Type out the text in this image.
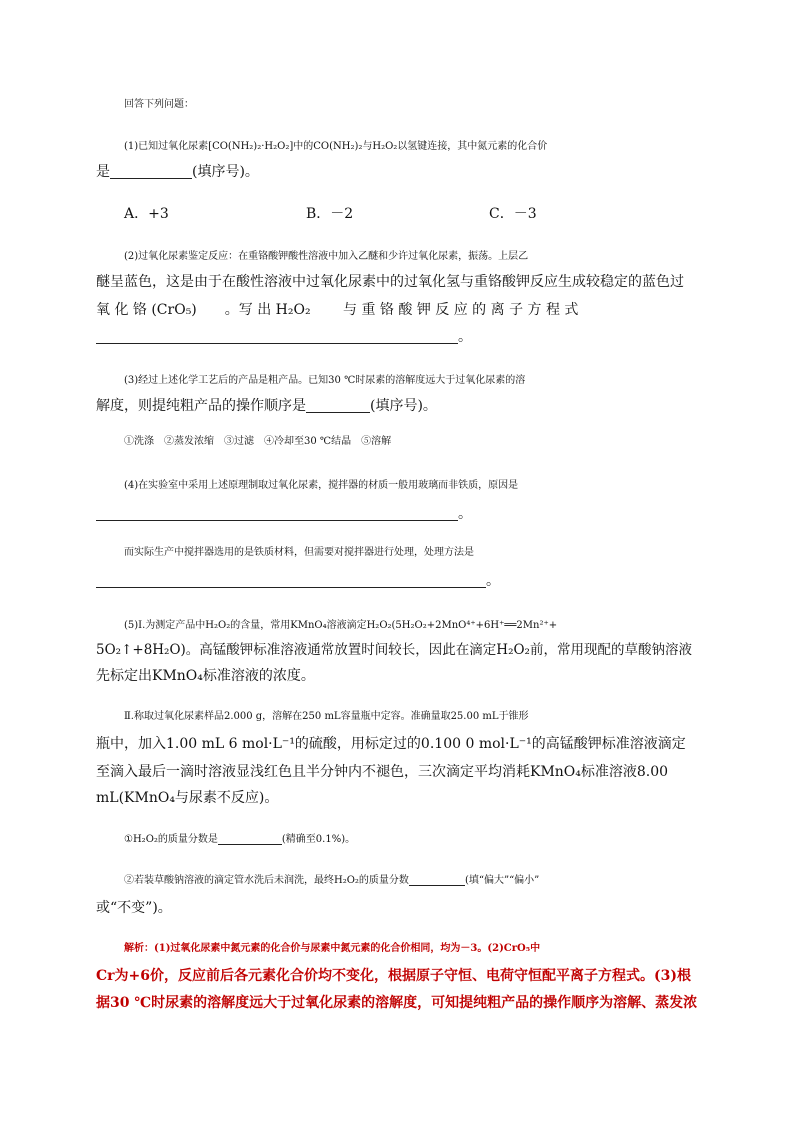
回答下列问题：
(1)已知过氧化尿素[CO(NH₂)₂·H₂O₂]中的CO(NH₂)₂与H₂O₂以氢键连接，其中氮元素的化合价
是	(填序号)。
A．+3	B．－2	C．－3
(2)过氧化尿素鉴定反应：在重铬酸钾酸性溶液中加入乙醚和少许过氧化尿素，振荡。上层乙
醚呈蓝色，这是由于在酸性溶液中过氧化尿素中的过氧化氢与重铬酸钾反应生成较稳定的蓝色过
氧 化 铬 (CrO₅)　　。写 出 H₂O₂　　 与 重 铬 酸 钾 反 应 的 离 子 方 程 式
。
(3)经过上述化学工艺后的产品是粗产品。已知30 ℃时尿素的溶解度远大于过氧化尿素的溶
解度，则提纯粗产品的操作顺序是	(填序号)。
①洗涤　②蒸发浓缩　③过滤　④冷却至30 ℃结晶　⑤溶解
(4)在实验室中采用上述原理制取过氧化尿素，搅拌器的材质一般用玻璃而非铁质，原因是
。
而实际生产中搅拌器选用的是铁质材料，但需要对搅拌器进行处理，处理方法是
。
(5)Ⅰ.为测定产品中H₂O₂的含量，常用KMnO₄溶液滴定H₂O₂(5H₂O₂+2MnO⁴⁺+6H⁺══2Mn²⁺+
5O₂↑+8H₂O)。高锰酸钾标准溶液通常放置时间较长，因此在滴定H₂O₂前，常用现配的草酸钠溶液
先标定出KMnO₄标准溶液的浓度。
Ⅱ.称取过氧化尿素样品2.000 g，溶解在250 mL容量瓶中定容。准确量取25.00 mL于锥形
瓶中，加入1.00 mL 6 mol·L⁻¹的硫酸，用标定过的0.100 0 mol·L⁻¹的高锰酸钾标准溶液滴定
至滴入最后一滴时溶液显浅红色且半分钟内不褪色，三次滴定平均消耗KMnO₄标准溶液8.00
mL(KMnO₄与尿素不反应)。
①H₂O₂的质量分数是	(精确至0.1%)。
②若装草酸钠溶液的滴定管水洗后未润洗，最终H₂O₂的质量分数	(填“偏大”“偏小”
或“不变”)。
解析：(1)过氧化尿素中氮元素的化合价与尿素中氮元素的化合价相同，均为－3。(2)CrO₅中
Cr为+6价，反应前后各元素化合价均不变化，根据原子守恒、电荷守恒配平离子方程式。(3)根
据30 ℃时尿素的溶解度远大于过氧化尿素的溶解度，可知提纯粗产品的操作顺序为溶解、蒸发浓
